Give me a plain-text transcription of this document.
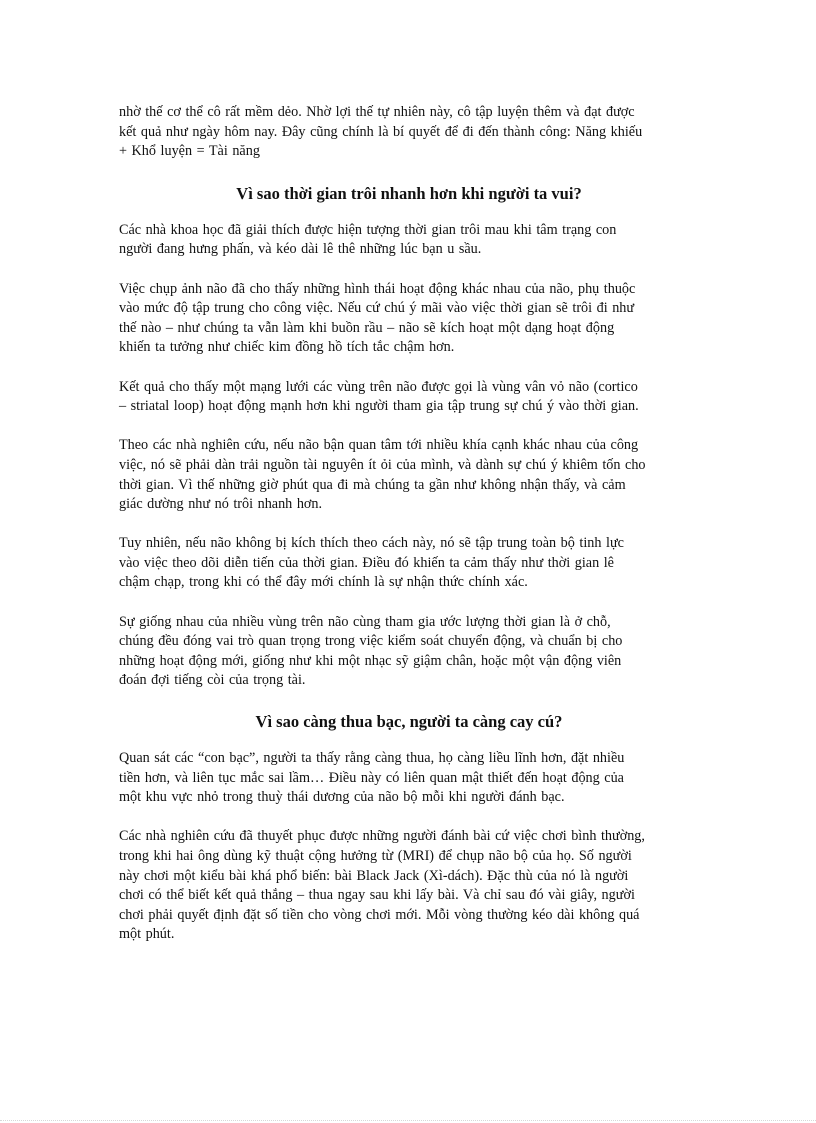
nhờ thế cơ thể cô rất mềm dẻo. Nhờ lợi thế tự nhiên này, cô tập luyện thêm và đạt được
kết quả như ngày hôm nay. Đây cũng chính là bí quyết để đi đến thành công: Năng khiếu
+ Khổ luyện = Tài năng

Vì sao thời gian trôi nhanh hơn khi người ta vui?

Các nhà khoa học đã giải thích được hiện tượng thời gian trôi mau khi tâm trạng con
người đang hưng phấn, và kéo dài lê thê những lúc bạn u sầu.

Việc chụp ảnh não đã cho thấy những hình thái hoạt động khác nhau của não, phụ thuộc
vào mức độ tập trung cho công việc. Nếu cứ chú ý mãi vào việc thời gian sẽ trôi đi như
thế nào – như chúng ta vẫn làm khi buồn rầu – não sẽ kích hoạt một dạng hoạt động
khiến ta tưởng như chiếc kim đồng hồ tích tắc chậm hơn.

Kết quả cho thấy một mạng lưới các vùng trên não được gọi là vùng vân vỏ não (cortico
– striatal loop) hoạt động mạnh hơn khi người tham gia tập trung sự chú ý vào thời gian.

Theo các nhà nghiên cứu, nếu não bận quan tâm tới nhiều khía cạnh khác nhau của công
việc, nó sẽ phải dàn trải nguồn tài nguyên ít ỏi của mình, và dành sự chú ý khiêm tốn cho
thời gian. Vì thế những giờ phút qua đi mà chúng ta gần như không nhận thấy, và cảm
giác dường như nó trôi nhanh hơn.

Tuy nhiên, nếu não không bị kích thích theo cách này, nó sẽ tập trung toàn bộ tinh lực
vào việc theo dõi diễn tiến của thời gian. Điều đó khiến ta cảm thấy như thời gian lê
chậm chạp, trong khi có thể đây mới chính là sự nhận thức chính xác.

Sự giống nhau của nhiều vùng trên não cùng tham gia ước lượng thời gian là ở chỗ,
chúng đều đóng vai trò quan trọng trong việc kiểm soát chuyển động, và chuẩn bị cho
những hoạt động mới, giống như khi một nhạc sỹ giậm chân, hoặc một vận động viên
đoán đợi tiếng còi của trọng tài.

Vì sao càng thua bạc, người ta càng cay cú?

Quan sát các “con bạc”, người ta thấy rằng càng thua, họ càng liều lĩnh hơn, đặt nhiều
tiền hơn, và liên tục mắc sai lầm… Điều này có liên quan mật thiết đến hoạt động của
một khu vực nhỏ trong thuỳ thái dương của não bộ mỗi khi người đánh bạc.

Các nhà nghiên cứu đã thuyết phục được những người đánh bài cứ việc chơi bình thường,
trong khi hai ông dùng kỹ thuật cộng hưởng từ (MRI) để chụp não bộ của họ. Số người
này chơi một kiểu bài khá phổ biến: bài Black Jack (Xì-dách). Đặc thù của nó là người
chơi có thể biết kết quả thắng – thua ngay sau khi lấy bài. Và chỉ sau đó vài giây, người
chơi phải quyết định đặt số tiền cho vòng chơi mới. Mỗi vòng thường kéo dài không quá
một phút.
